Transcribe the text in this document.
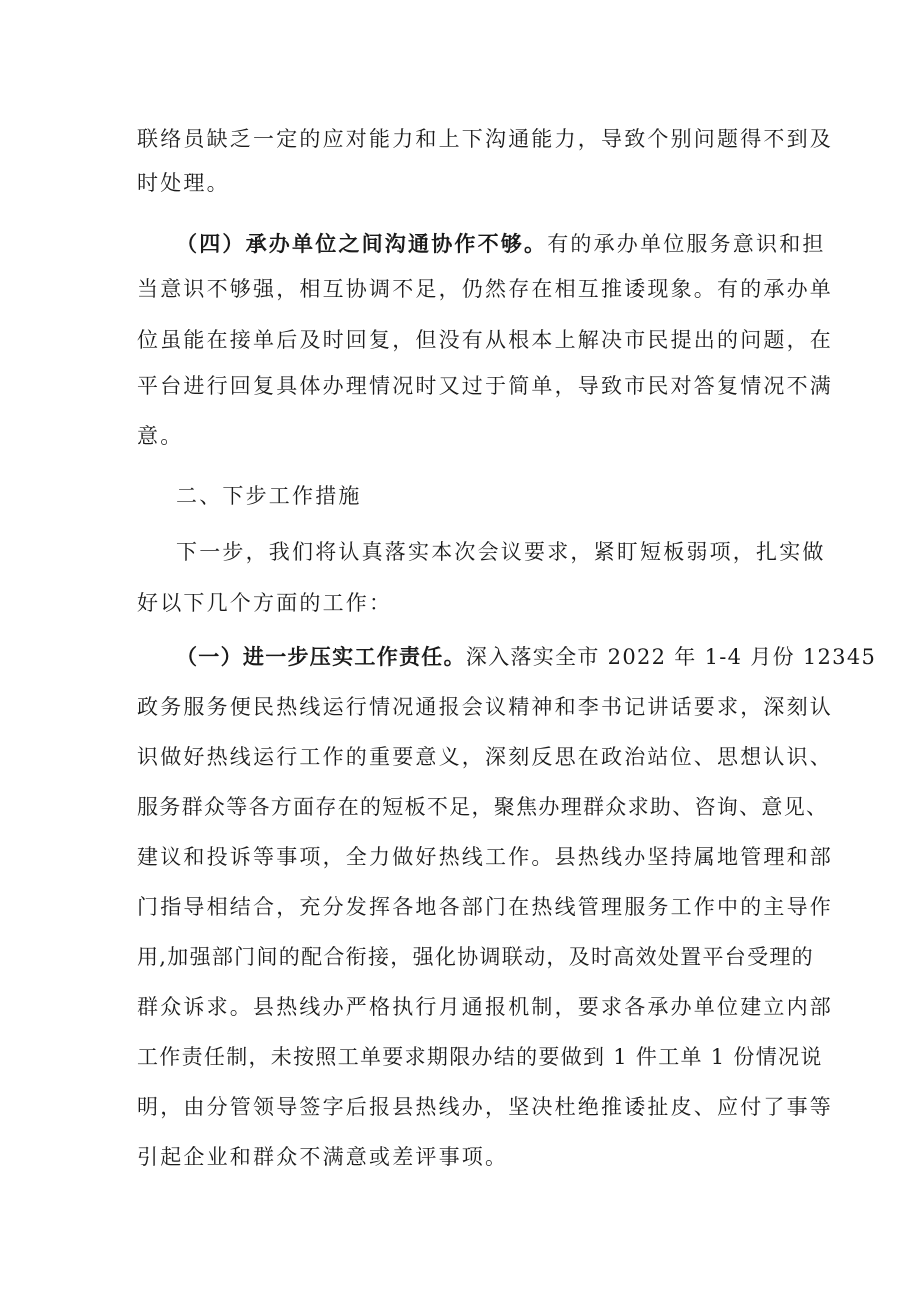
联络员缺乏一定的应对能力和上下沟通能力，导致个别问题得不到及
时处理。
（四）承办单位之间沟通协作不够。有的承办单位服务意识和担
当意识不够强，相互协调不足，仍然存在相互推诿现象。有的承办单
位虽能在接单后及时回复，但没有从根本上解决市民提出的问题，在
平台进行回复具体办理情况时又过于简单，导致市民对答复情况不满
意。
二、下步工作措施
下一步，我们将认真落实本次会议要求，紧盯短板弱项，扎实做
好以下几个方面的工作：
（一）进一步压实工作责任。深入落实全市 2022 年 1-4 月份 12345
政务服务便民热线运行情况通报会议精神和李书记讲话要求，深刻认
识做好热线运行工作的重要意义，深刻反思在政治站位、思想认识、
服务群众等各方面存在的短板不足，聚焦办理群众求助、咨询、意见、
建议和投诉等事项，全力做好热线工作。县热线办坚持属地管理和部
门指导相结合，充分发挥各地各部门在热线管理服务工作中的主导作
用,加强部门间的配合衔接，强化协调联动，及时高效处置平台受理的
群众诉求。县热线办严格执行月通报机制，要求各承办单位建立内部
工作责任制，未按照工单要求期限办结的要做到 1 件工单 1 份情况说
明，由分管领导签字后报县热线办，坚决杜绝推诿扯皮、应付了事等
引起企业和群众不满意或差评事项。
